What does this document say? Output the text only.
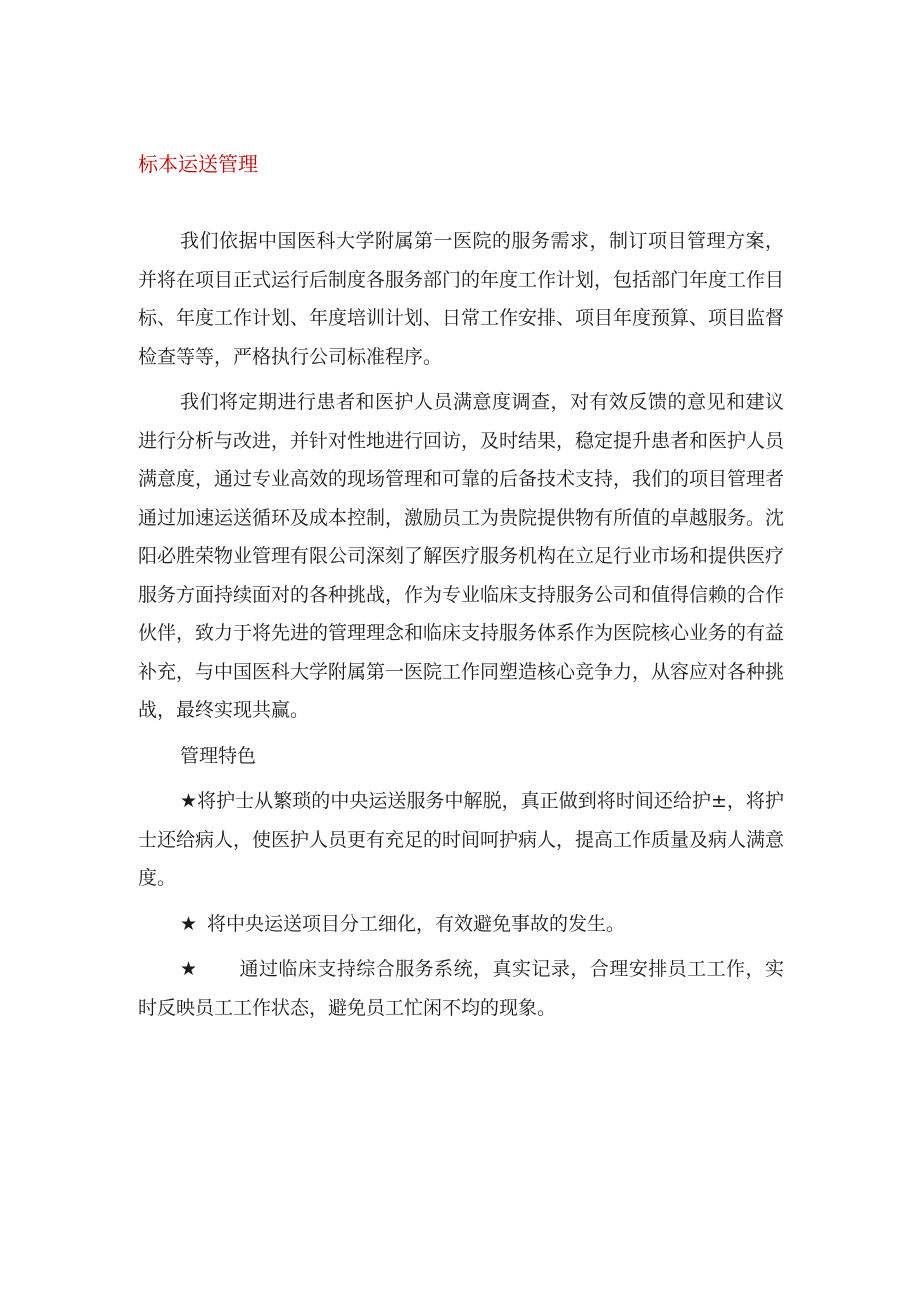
标本运送管理

我们依据中国医科大学附属第一医院的服务需求，制订项目管理方案，并将在项目正式运行后制度各服务部门的年度工作计划，包括部门年度工作目标、年度工作计划、年度培训计划、日常工作安排、项目年度预算、项目监督检查等等，严格执行公司标准程序。

我们将定期进行患者和医护人员满意度调查，对有效反馈的意见和建议进行分析与改进，并针对性地进行回访，及时结果，稳定提升患者和医护人员满意度，通过专业高效的现场管理和可靠的后备技术支持，我们的项目管理者通过加速运送循环及成本控制，激励员工为贵院提供物有所值的卓越服务。沈阳必胜荣物业管理有限公司深刻了解医疗服务机构在立足行业市场和提供医疗服务方面持续面对的各种挑战，作为专业临床支持服务公司和值得信赖的合作伙伴，致力于将先进的管理理念和临床支持服务体系作为医院核心业务的有益补充，与中国医科大学附属第一医院工作同塑造核心竞争力，从容应对各种挑战，最终实现共赢。

管理特色

★将护士从繁琐的中央运送服务中解脱，真正做到将时间还给护±，将护士还给病人，使医护人员更有充足的时间呵护病人，提高工作质量及病人满意度。

★ 将中央运送项目分工细化，有效避免事故的发生。

★ 通过临床支持综合服务系统，真实记录，合理安排员工工作，实时反映员工工作状态，避免员工忙闲不均的现象。
